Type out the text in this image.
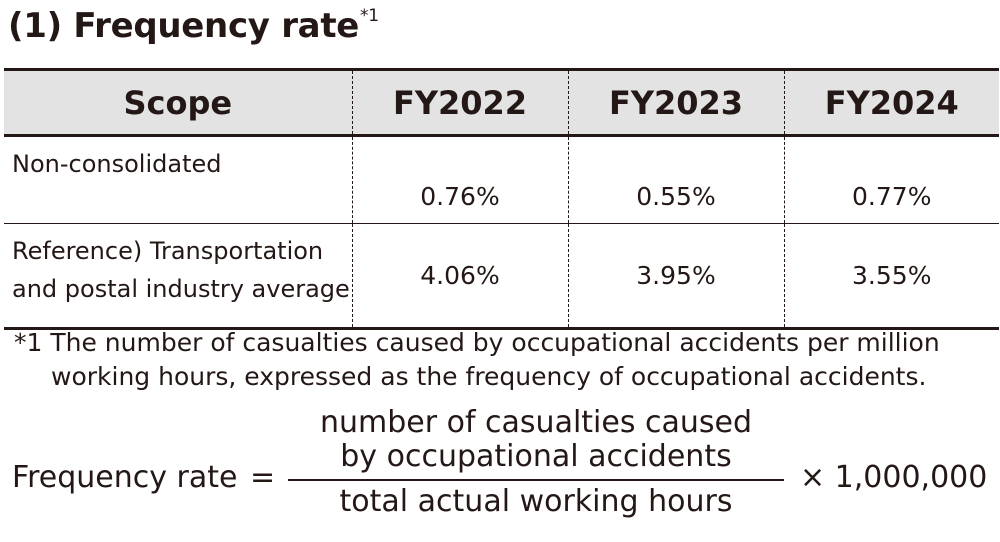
(1) Frequency rate$^{*1}$
Scope	FY2022	FY2023	FY2024

Non-consolidated	0.76%	0.55%	0.77%

Reference) Transportation
and postal industry average	4.06%	3.95%	3.55%
*1 The number of casualties caused by occupational accidents per million
working hours, expressed as the frequency of occupational accidents.
Frequency rate =
number of casualties caused
by occupational accidents
total actual working hours
× 1,000,000
